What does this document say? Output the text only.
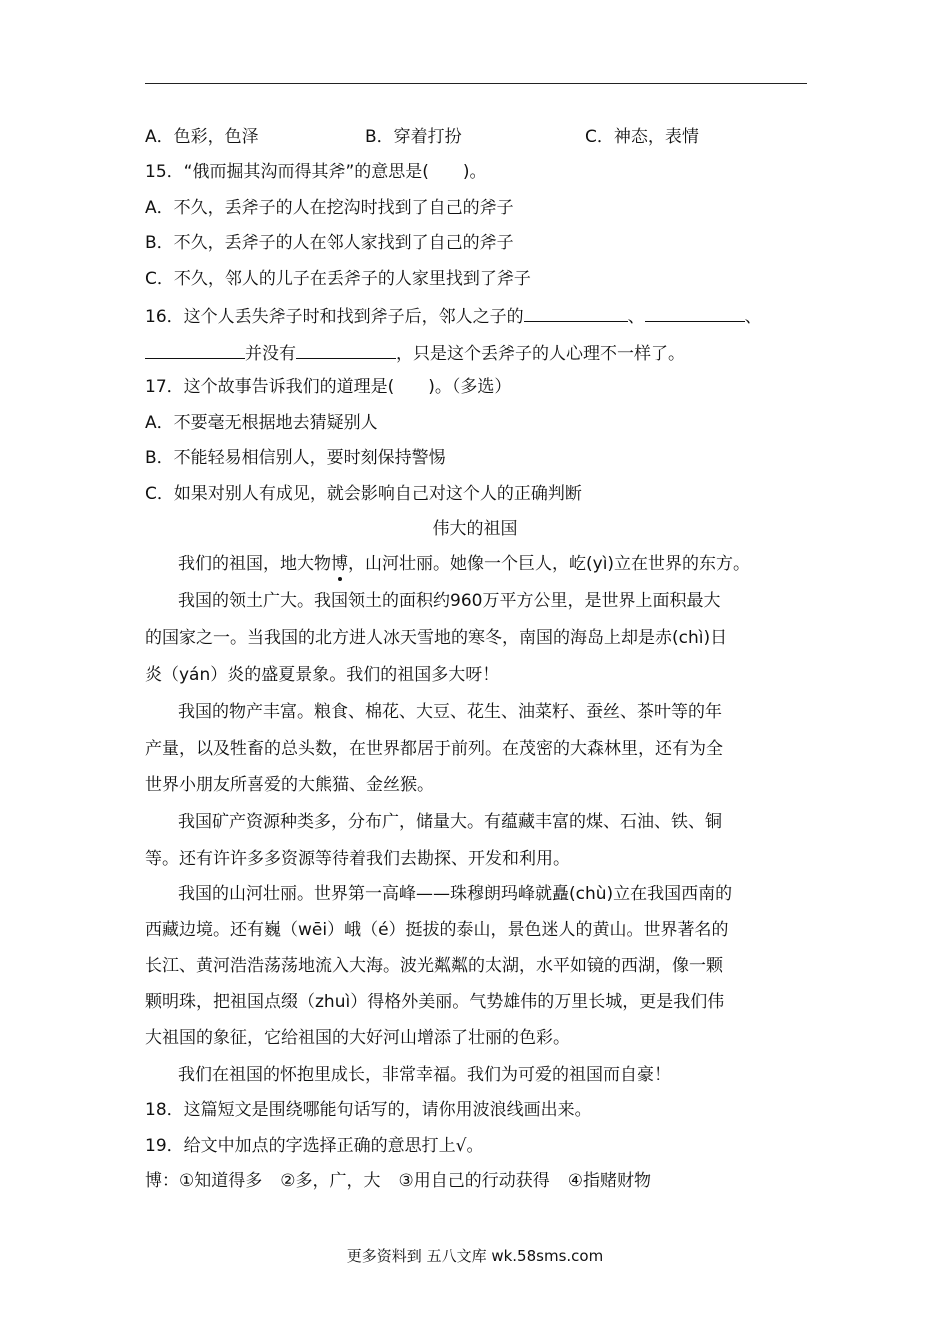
A．色彩，色泽	B．穿着打扮	C．神态，表情
15．“俄而掘其沟而得其斧”的意思是(　　)。
A．不久，丢斧子的人在挖沟时找到了自己的斧子
B．不久，丢斧子的人在邻人家找到了自己的斧子
C．不久，邻人的儿子在丢斧子的人家里找到了斧子
16．这个人丢失斧子时和找到斧子后，邻人之子的	、	、
并没有	，只是这个丢斧子的人心理不一样了。
17．这个故事告诉我们的道理是(　　)。（多选）
A．不要毫无根据地去猜疑别人
B．不能轻易相信别人，要时刻保持警惕
C．如果对别人有成见，就会影响自己对这个人的正确判断
伟大的祖国
我们的祖国，地大物博，山河壮丽。她像一个巨人，屹(yì)立在世界的东方。
我国的领土广大。我国领土的面积约960万平方公里，是世界上面积最大
的国家之一。当我国的北方进人冰天雪地的寒冬，南国的海岛上却是赤(chì)日
炎（yán）炎的盛夏景象。我们的祖国多大呀！
我国的物产丰富。粮食、棉花、大豆、花生、油菜籽、蚕丝、茶叶等的年
产量，以及牲畜的总头数，在世界都居于前列。在茂密的大森林里，还有为全
世界小朋友所喜爱的大熊猫、金丝猴。
我国矿产资源种类多，分布广，储量大。有蕴藏丰富的煤、石油、铁、铜
等。还有许许多多资源等待着我们去勘探、开发和利用。
我国的山河壮丽。世界第一高峰——珠穆朗玛峰就矗(chù)立在我国西南的
西藏边境。还有巍（wēi）峨（é）挺拔的泰山，景色迷人的黄山。世界著名的
长江、黄河浩浩荡荡地流入大海。波光粼粼的太湖，水平如镜的西湖，像一颗
颗明珠，把祖国点缀（zhuì）得格外美丽。气势雄伟的万里长城，更是我们伟
大祖国的象征，它给祖国的大好河山增添了壮丽的色彩。
我们在祖国的怀抱里成长，非常幸福。我们为可爱的祖国而自豪！
18．这篇短文是围绕哪能句话写的，请你用波浪线画出来。
19．给文中加点的字选择正确的意思打上√。
博：①知道得多 ②多，广，大 ③用自己的行动获得 ④指赌财物
更多资料到 五八文库 wk.58sms.com
